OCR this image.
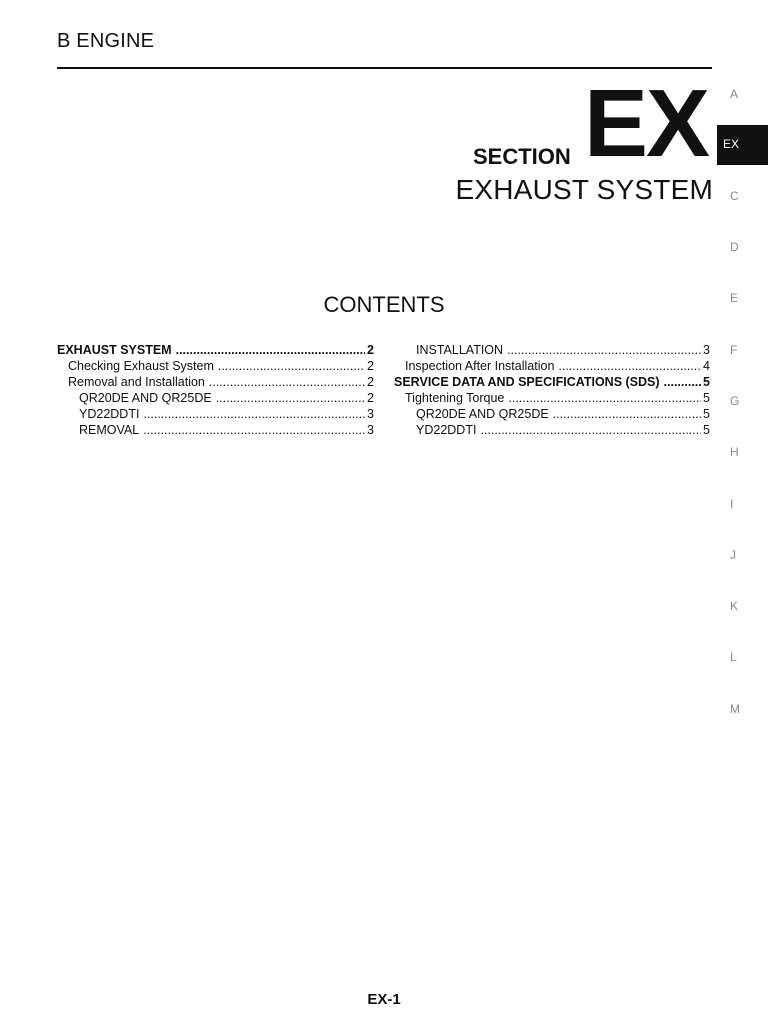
B ENGINE
SECTION EX
EXHAUST SYSTEM
CONTENTS
EXHAUST SYSTEM .....	2
Checking Exhaust System .....	2
Removal and Installation .....	2
QR20DE AND QR25DE .....	2
YD22DDTI .....	3
REMOVAL .....	3
INSTALLATION .....	3
Inspection After Installation .....	4
SERVICE DATA AND SPECIFICATIONS (SDS) .....	5
Tightening Torque .....	5
QR20DE AND QR25DE .....	5
YD22DDTI .....	5
A
EX
C
D
E
F
G
H
I
J
K
L
M
EX-1
